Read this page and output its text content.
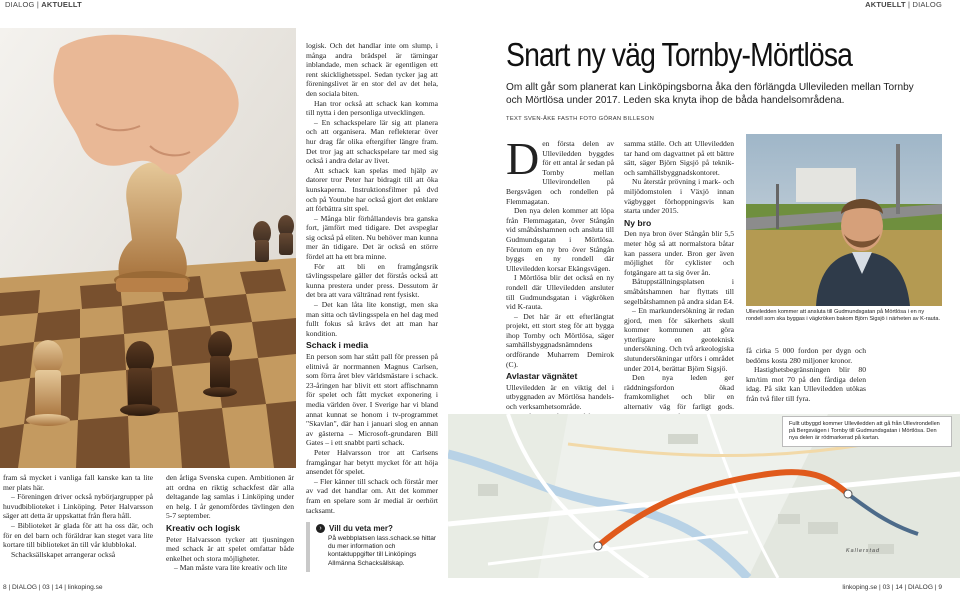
DIALOG | AKTUELLT

fram så mycket i vanliga fall kanske kan ta lite mer plats här.

– Föreningen driver också nybörjargrupper på huvudbiblioteket i Linköping. Peter Halvarsson säger att detta är uppskattat från flera håll.

– Biblioteket är glada för att ha oss där, och för en del barn och föräldrar kan steget vara lite kortare till biblioteket än till vår klubblokal.

Schacksällskapet arrangerar också

den årliga Svenska cupen. Ambitionen är att ordna en riktig schackfest där alla deltagande lag samlas i Linköping under en helg. I år genomfördes tävlingen den 5-7 september.

Kreativ och logisk

Peter Halvarsson tycker att tjusningen med schack är att spelet omfattar både enkelhet och stora möjligheter.

– Man måste vara lite kreativ och lite

logisk. Och det handlar inte om slump, i många andra brädspel är tärningar inblandade, men schack är egentligen ett rent skicklighetsspel. Sedan tycker jag att föreningslivet är en stor del av det hela, den sociala biten.

Han tror också att schack kan komma till nytta i den personliga utvecklingen.

– En schackspelare lär sig att planera och att organisera. Man reflekterar över hur drag får olika eftergifter längre fram. Det tror jag att schackspelare tar med sig också i andra delar av livet.

Att schack kan spelas med hjälp av datorer tror Peter har bidragit till att öka kunskaperna. Instruktionsfilmer på dvd och på Youtube har också gjort det enklare att förbättra sitt spel.

– Många blir förhållandevis bra ganska fort, jämfört med tidigare. Det avspeglar sig också på eliten. Nu behöver man kunna mer än tidigare. Det är också en större fördel att ha ett bra minne.

För att bli en framgångsrik tävlingsspelare gäller det förstås också att kunna prestera under press. Dessutom är det bra att vara vältränad rent fysiskt.

– Det kan låta lite konstigt, men ska man sitta och tävlingsspela en hel dag med fullt fokus så krävs det att man har kondition.

Schack i media

En person som har stått pall för pressen på elitnivå är norrmannen Magnus Carlsen, som förra året blev världsmästare i schack. 23-åringen har blivit ett stort affischnamn för spelet och fått mycket exponering i media världen över. I Sverige har vi bland annat kunnat se honom i tv-programmet "Skavlan", där han i januari slog en annan av gästerna – Microsoft-grundaren Bill Gates – i ett snabbt parti schack.

Peter Halvarsson tror att Carlsens framgångar har betytt mycket för att höja ansendet för spelet.

– Fler känner till schack och förstår mer av vad det handlar om. Att det kommer fram en spelare som är medial är oerhört tacksamt.

› Vill du veta mer?
På webbplatsen lass.schack.se hittar du mer information och kontaktuppgifter till Linköpings Allmänna Schacksällskap.
8 | DIALOG | 03 | 14 | linkoping.se
AKTUELLT | DIALOG
Snart ny väg Tornby-Mörtlösa
Om allt går som planerat kan Linköpingsborna åka den förlängda Ullevileden mellan Tornby och Mörtlösa under 2017. Leden ska knyta ihop de båda handelsområdena.
TEXT SVEN-ÅKE FASTH FOTO GÖRAN BILLESON
D en första delen av Ulleviledden byggdes för ett antal år sedan på Tornby mellan Ullevirondellen på Bergsvägen och rondellen på Flemmagatan.

Den nya delen kommer att löpa från Flemmagatan, över Stångån vid småbåtshamnen och ansluta till Gudmundsgatan i Mörtlösa. Förutom en ny bro över Stångån byggs en ny rondell där Ulleviledden korsar Ekängsvägen.

I Mörtlösa blir det också en ny rondell där Ulleviledden ansluter till Gudmundsgatan i vägkröken vid K-rauta.

– Det här är ett efterlängtat projekt, ett stort steg för att bygga ihop Tornby och Mörtlösa, säger samhällsbyggnadsnämndens ordförande Muharrem Demirok (C).

Avlastar vägnätet

Ulleviledden är en viktig del i utbyggnaden av Mörtlösa handels- och verksamhetsområde.

samma ställe. Och att Ulleviledden tar hand om dagvattnet på ett bättre sätt, säger Björn Sigsjö på teknik- och samhällsbyggnadskontoret.

Nu återstår prövning i mark- och miljödomstolen i Växjö innan vägbygget förhoppningsvis kan starta under 2015.

Ny bro

Den nya bron över Stångån blir 5,5 meter hög så att normalstora båtar kan passera under. Bron ger även möjlighet för cyklister och fotgängare att ta sig över ån.

Båtuppställningsplatsen i småbåtshamnen har flyttats till segelbåtshamnen på andra sidan E4.

– En markundersökning är redan gjord, men för säkerhets skull kommer kommunen att göra ytterligare en geoteknisk undersökning. Och två arkeologiska slutundersökningar utförs i området under 2014, berättar Björn Sigsjö.

Den nya leden ger räddningsfordon ökad framkomlighet och blir en alternativ väg för farligt gods.

Ulleviledden kommer att ansluta till Gudmundsgatan på Mörtlösa i en ny rondell som ska byggas i vägkröken bakom Björn Sigsjö i närheten av K-rauta.

få cirka 5 000 fordon per dygn och bedöms kosta 280 miljoner kronor.

Hastighetsbegränsningen blir 80 km/tim mot 70 på den fårdiga delen idag. På sikt kan Ulleviledden utökas från två filer till fyra.

Kallerstad
Fullt utbyggd kommer Ulleviledden att gå från Ullevirondellen på Bergsvägen i Tornby till Gudmundsgatan i Mörtlösa. Den nya delen är rödmarkerad på kartan.
linkoping.se | 03 | 14 | DIALOG | 9
